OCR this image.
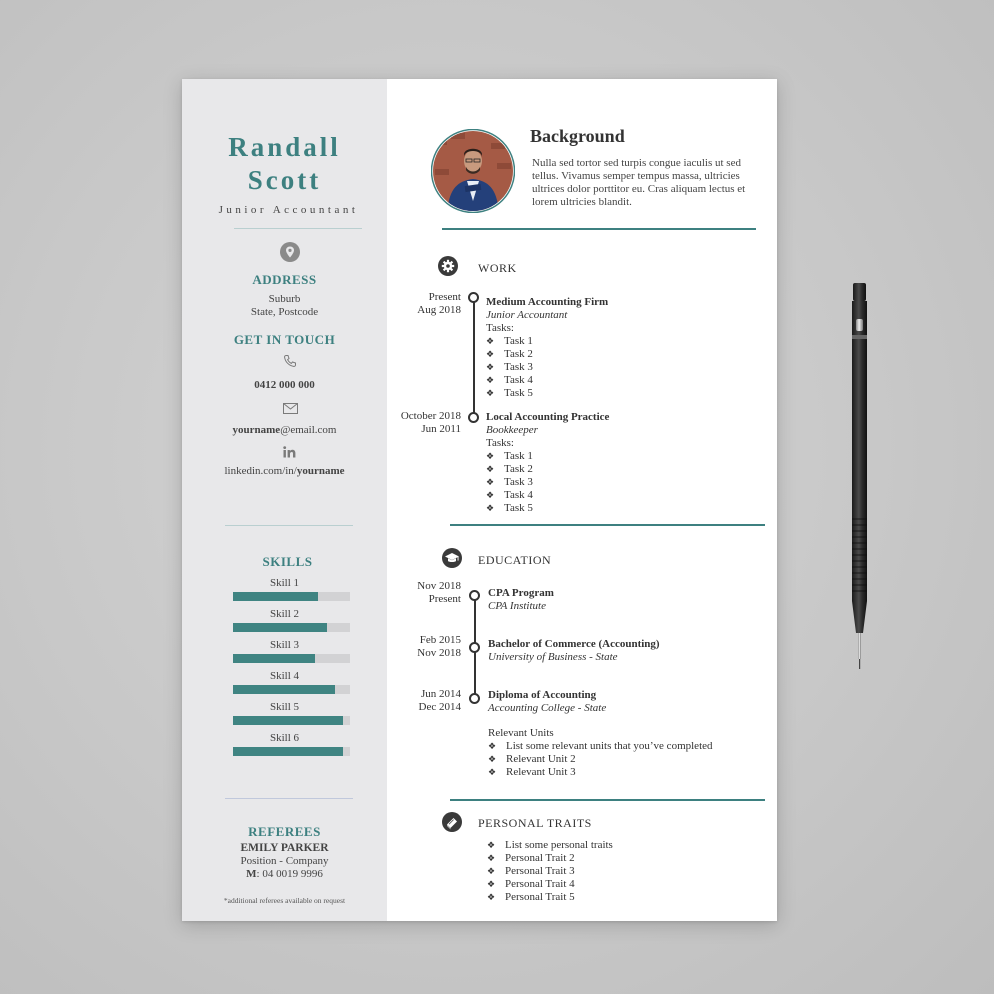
Randall
Scott
Junior Accountant
ADDRESS
Suburb
State, Postcode
GET IN TOUCH
0412 000 000
yourname@email.com
linkedin.com/in/yourname
SKILLS
Skill 1
Skill 2
Skill 3
Skill 4
Skill 5
Skill 6
REFEREES
EMILY PARKER
Position - Company
M: 04 0019 9996
*additional referees available on request
Background
Nulla sed tortor sed turpis congue iaculis ut sed tellus. Vivamus semper tempus massa, ultricies ultrices dolor porttitor eu. Cras aliquam lectus et lorem ultricies blandit.
WORK
Present
Aug 2018
Medium Accounting Firm
Junior Accountant
Tasks:
❖ Task 1
❖ Task 2
❖ Task 3
❖ Task 4
❖ Task 5
October 2018
Jun 2011
Local Accounting Practice
Bookkeeper
Tasks:
❖ Task 1
❖ Task 2
❖ Task 3
❖ Task 4
❖ Task 5
EDUCATION
Nov 2018
Present CPA Program
CPA Institute
Feb 2015
Nov 2018
Bachelor of Commerce (Accounting)
University of Business - State
Jun 2014
Dec 2014
Diploma of Accounting
Accounting College - State
Relevant Units
❖ List some relevant units that you’ve completed
❖ Relevant Unit 2
❖ Relevant Unit 3
PERSONAL TRAITS
❖ List some personal traits
❖ Personal Trait 2
❖ Personal Trait 3
❖ Personal Trait 4
❖ Personal Trait 5
